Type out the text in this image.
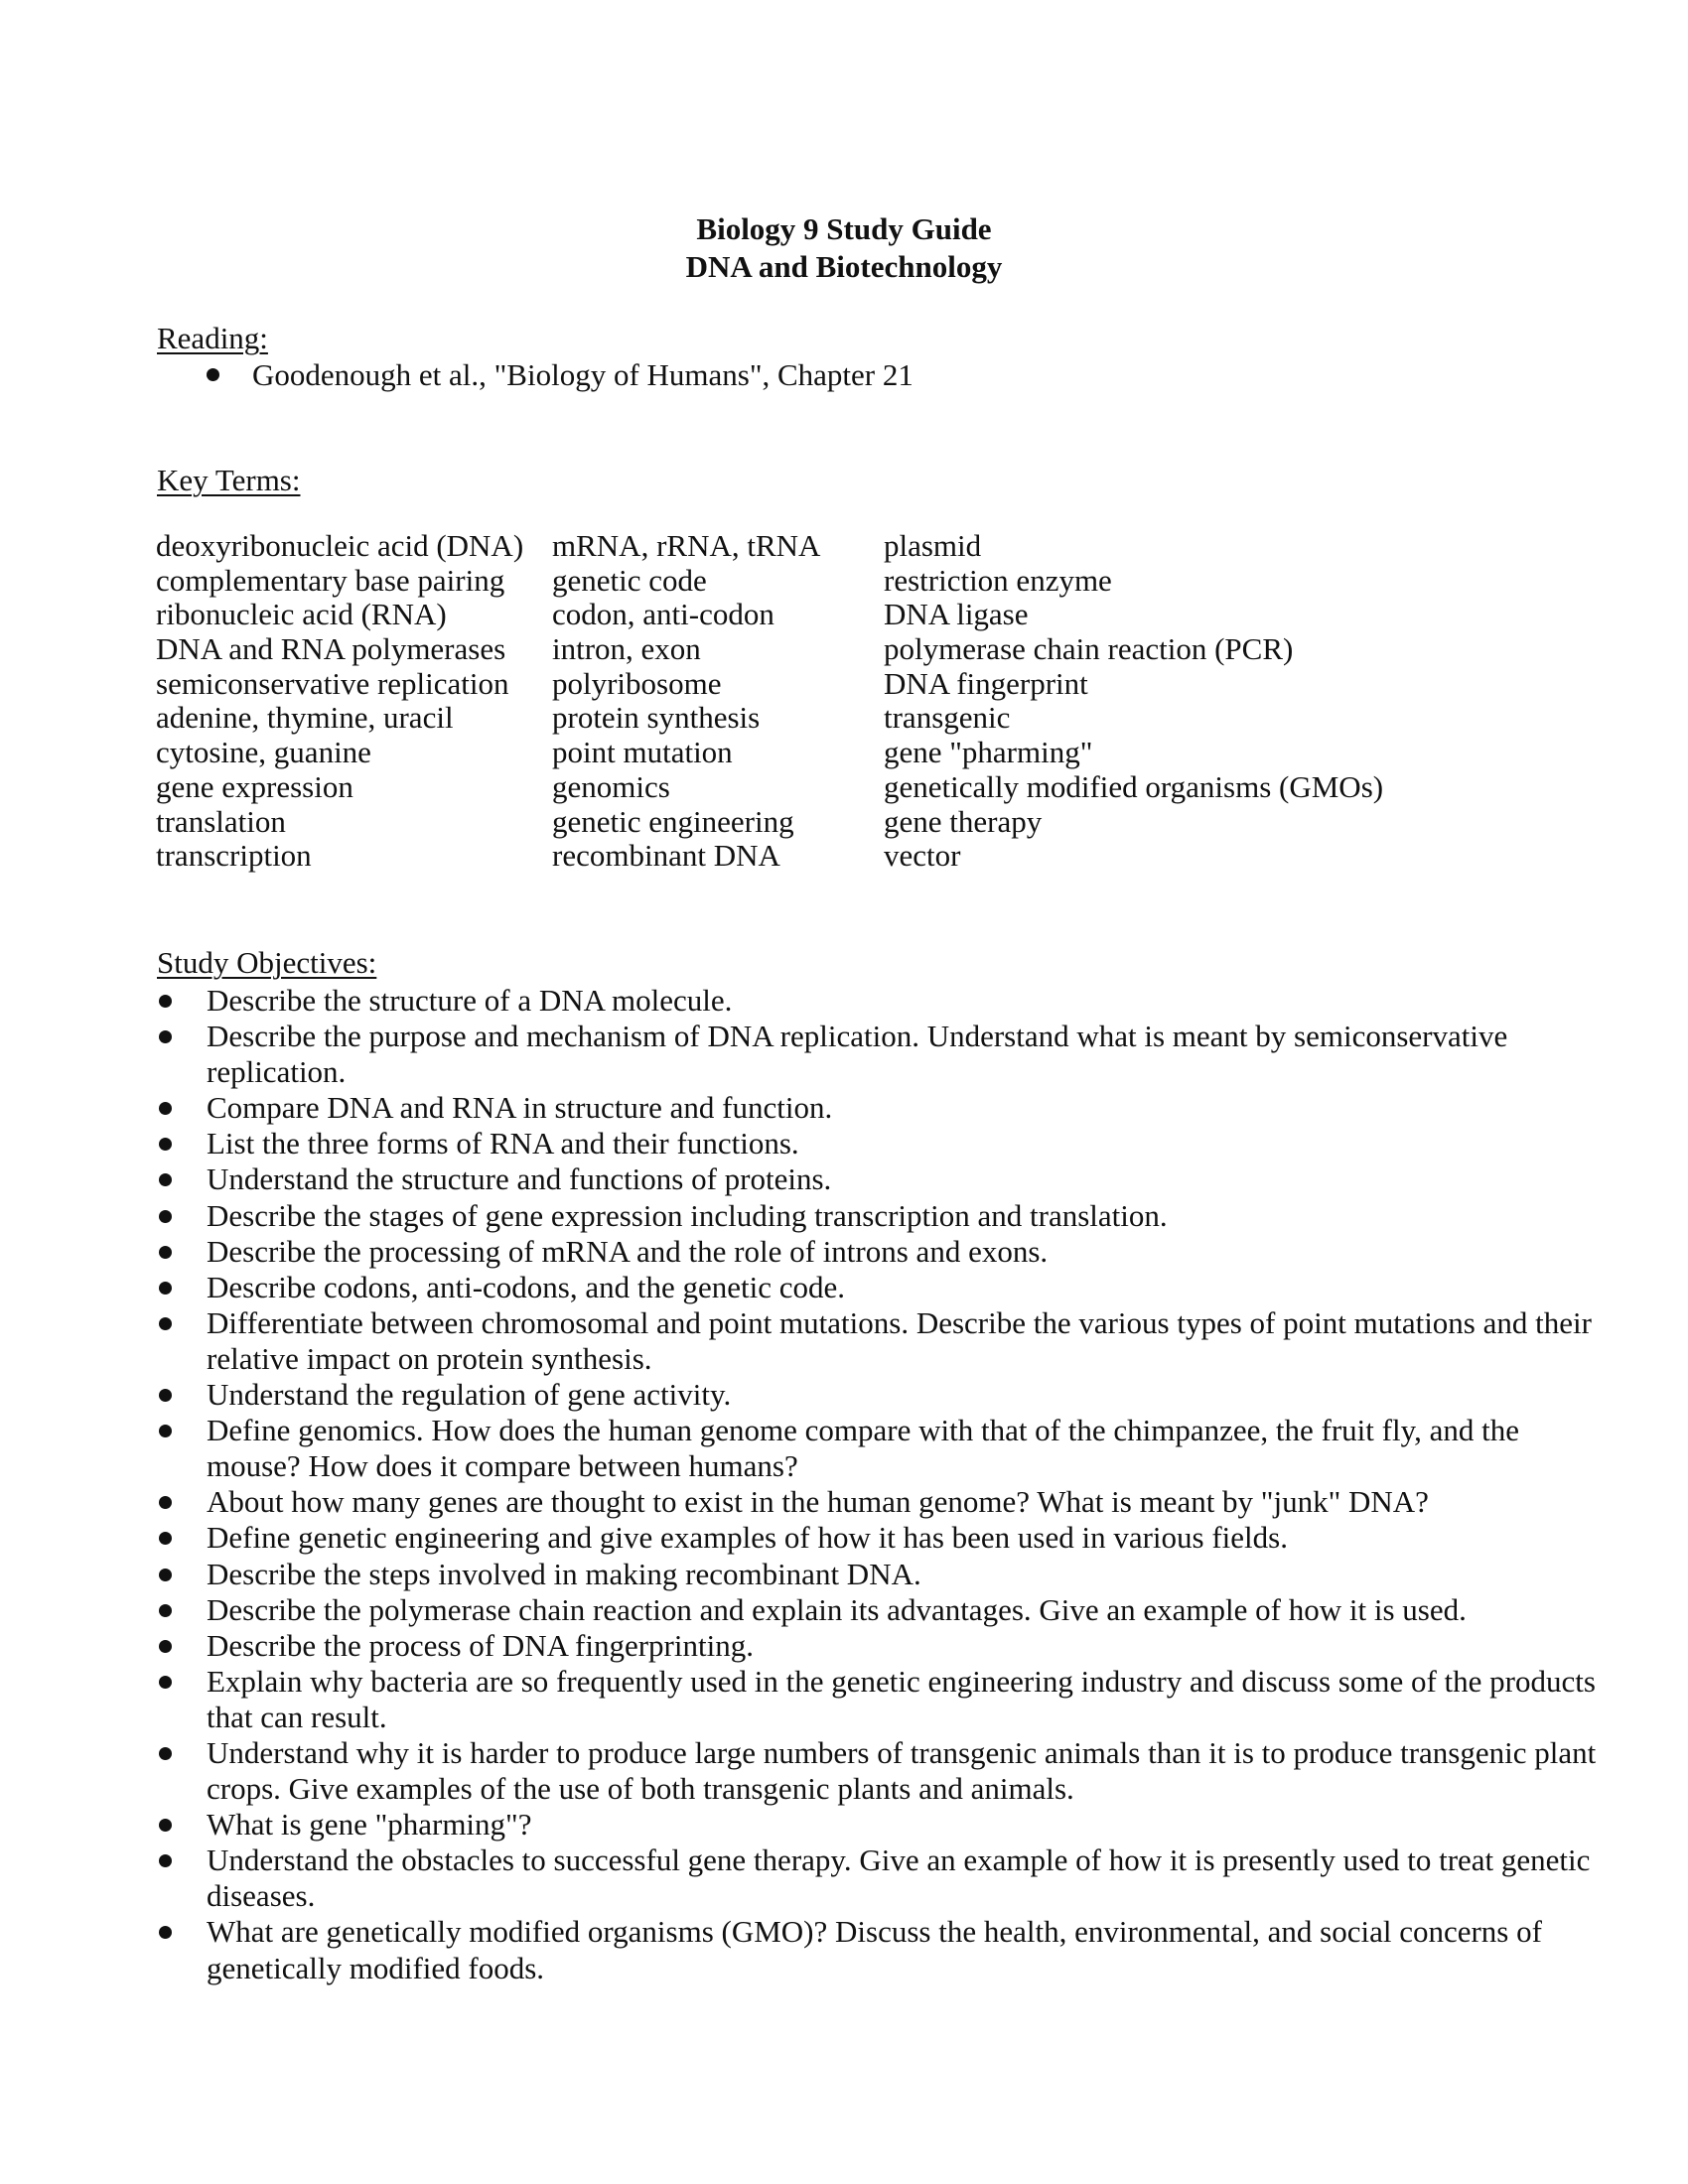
Biology 9 Study Guide
DNA and Biotechnology
Reading:
Goodenough et al., "Biology of Humans", Chapter 21
Key Terms:
deoxyribonucleic acid (DNA)
complementary base pairing
ribonucleic acid (RNA)
DNA and RNA polymerases
semiconservative replication
adenine, thymine, uracil
cytosine, guanine
gene expression
translation
transcription
mRNA, rRNA, tRNA
genetic code
codon, anti-codon
intron, exon
polyribosome
protein synthesis
point mutation
genomics
genetic engineering
recombinant DNA
plasmid
restriction enzyme
DNA ligase
polymerase chain reaction (PCR)
DNA fingerprint
transgenic
gene "pharming"
genetically modified organisms (GMOs)
gene therapy
vector
Study Objectives:
Describe the structure of a DNA molecule.
Describe the purpose and mechanism of DNA replication. Understand what is meant by semiconservative
replication.
Compare DNA and RNA in structure and function.
List the three forms of RNA and their functions.
Understand the structure and functions of proteins.
Describe the stages of gene expression including transcription and translation.
Describe the processing of mRNA and the role of introns and exons.
Describe codons, anti-codons, and the genetic code.
Differentiate between chromosomal and point mutations. Describe the various types of point mutations and their
relative impact on protein synthesis.
Understand the regulation of gene activity.
Define genomics. How does the human genome compare with that of the chimpanzee, the fruit fly, and the
mouse? How does it compare between humans?
About how many genes are thought to exist in the human genome? What is meant by "junk" DNA?
Define genetic engineering and give examples of how it has been used in various fields.
Describe the steps involved in making recombinant DNA.
Describe the polymerase chain reaction and explain its advantages. Give an example of how it is used.
Describe the process of DNA fingerprinting.
Explain why bacteria are so frequently used in the genetic engineering industry and discuss some of the products
that can result.
Understand why it is harder to produce large numbers of transgenic animals than it is to produce transgenic plant
crops. Give examples of the use of both transgenic plants and animals.
What is gene "pharming"?
Understand the obstacles to successful gene therapy. Give an example of how it is presently used to treat genetic
diseases.
What are genetically modified organisms (GMO)? Discuss the health, environmental, and social concerns of
genetically modified foods.
